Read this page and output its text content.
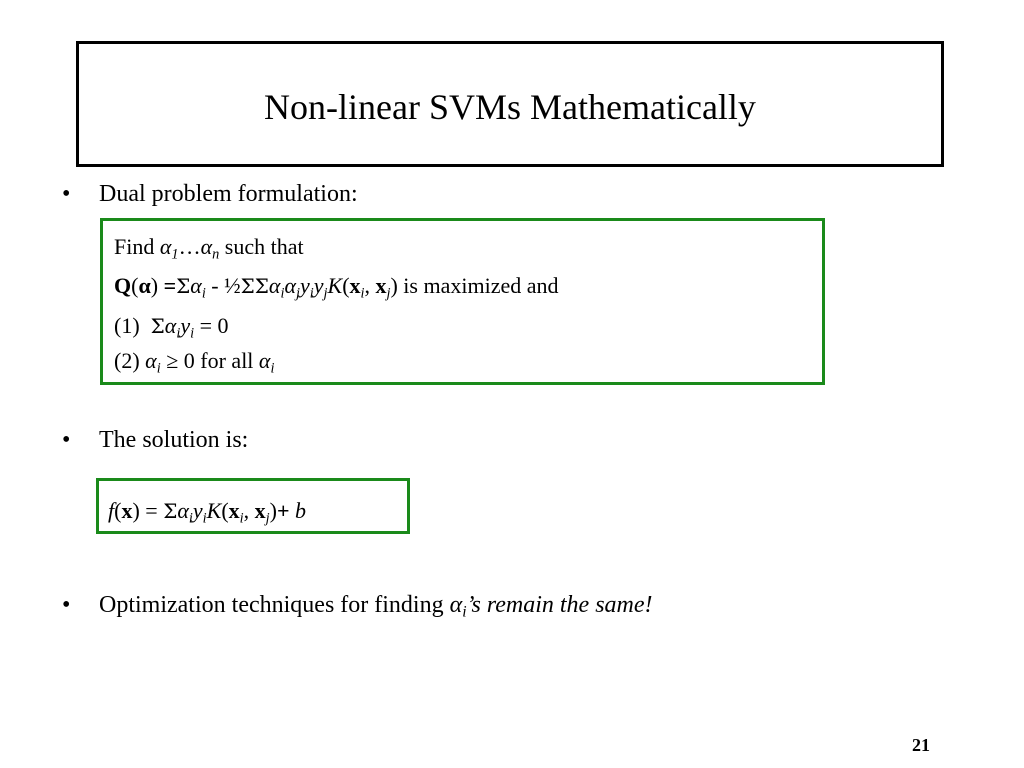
Non-linear SVMs Mathematically
• Dual problem formulation:
Find $\alpha_1\dots\alpha_n$ such that
$Q(\alpha) =\Sigma\alpha_i$ - $\frac{1}{2}\Sigma\Sigma\alpha_i\alpha_jy_iy_jK(x_i$, $x_j$) is maximized and
(1) $\Sigma\alpha_iy_i = 0$
(2) $\alpha_i \ge 0$ for all $\alpha_i$
• The solution is:
$f(x) = \Sigma\alpha_iy_iK(x_i$, $x_j)+ b$
• Optimization techniques for finding $\alpha_i’s$ remain the same!
21
